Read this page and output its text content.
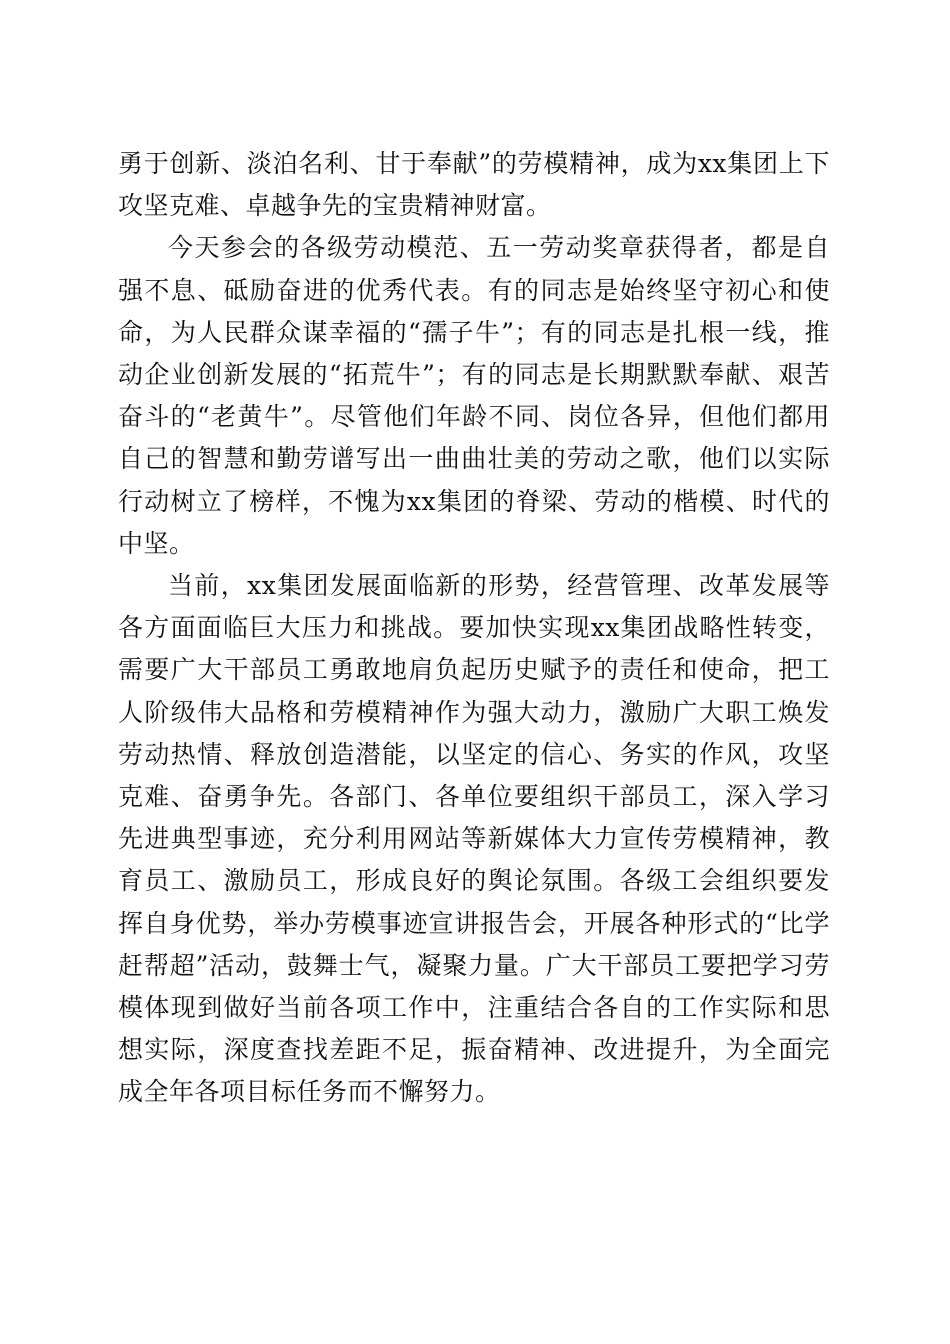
勇于创新、淡泊名利、甘于奉献”的劳模精神，成为xx集团上下攻坚克难、卓越争先的宝贵精神财富。

今天参会的各级劳动模范、五一劳动奖章获得者，都是自强不息、砥励奋进的优秀代表。有的同志是始终坚守初心和使命，为人民群众谋幸福的“孺子牛”；有的同志是扎根一线，推动企业创新发展的“拓荒牛”；有的同志是长期默默奉献、艰苦奋斗的“老黄牛”。尽管他们年龄不同、岗位各异，但他们都用自己的智慧和勤劳谱写出一曲曲壮美的劳动之歌，他们以实际行动树立了榜样，不愧为xx集团的脊梁、劳动的楷模、时代的中坚。

当前，xx集团发展面临新的形势，经营管理、改革发展等各方面面临巨大压力和挑战。要加快实现xx集团战略性转变，需要广大干部员工勇敢地肩负起历史赋予的责任和使命，把工人阶级伟大品格和劳模精神作为强大动力，激励广大职工焕发劳动热情、释放创造潜能，以坚定的信心、务实的作风，攻坚克难、奋勇争先。各部门、各单位要组织干部员工，深入学习先进典型事迹，充分利用网站等新媒体大力宣传劳模精神，教育员工、激励员工，形成良好的舆论氛围。各级工会组织要发挥自身优势，举办劳模事迹宣讲报告会，开展各种形式的“比学赶帮超”活动，鼓舞士气，凝聚力量。广大干部员工要把学习劳模体现到做好当前各项工作中，注重结合各自的工作实际和思想实际，深度查找差距不足，振奋精神、改进提升，为全面完成全年各项目标任务而不懈努力。
